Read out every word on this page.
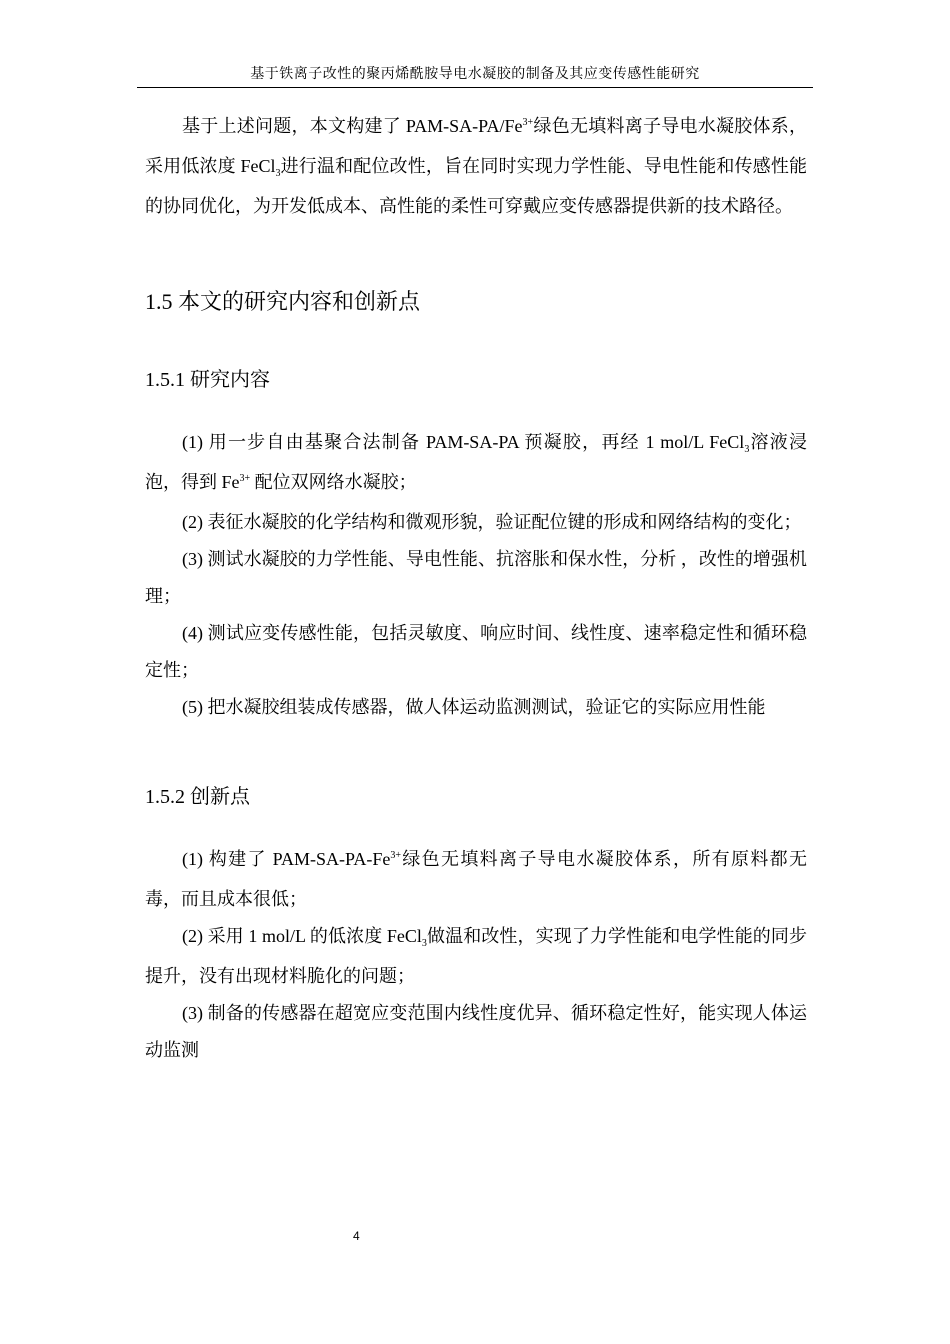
基于铁离子改性的聚丙烯酰胺导电水凝胶的制备及其应变传感性能研究

基于上述问题，本文构建了 PAM-$SA-PA/Fe^{3+}$绿色无填料离子导电水凝胶体系，采用低浓度 FeCl$_3$进行温和配位改性，旨在同时实现力学性能、导电性能和传感性能的协同优化，为开发低成本、高性能的柔性可穿戴应变传感器提供新的技术路径。

1.5 本文的研究内容和创新点
1.5.1 研究内容

(1) 用一步自由基聚合法制备 PAM-SA-PA 预凝胶，再经 1 mol/L FeCl$_3$溶液浸泡，得到 $Fe^{3+}$ 配位双网络水凝胶；

(2) 表征水凝胶的化学结构和微观形貌，验证配位键的形成和网络结构的变化；

(3) 测试水凝胶的力学性能、导电性能、抗溶胀和保水性，分析 ，改性的增强机理；

(4) 测试应变传感性能，包括灵敏度、响应时间、线性度、速率稳定性和循环稳定性；

(5) 把水凝胶组装成传感器，做人体运动监测测试，验证它的实际应用性能

1.5.2 创新点

(1) 构建了 PAM-$SA-PA-Fe^{3+}$绿色无填料离子导电水凝胶体系，所有原料都无毒，而且成本很低；

(2) 采用 1 mol/L 的低浓度 FeCl$_3$做温和改性，实现了力学性能和电学性能的同步提升，没有出现材料脆化的问题；

(3) 制备的传感器在超宽应变范围内线性度优异、循环稳定性好，能实现人体运动监测

4
